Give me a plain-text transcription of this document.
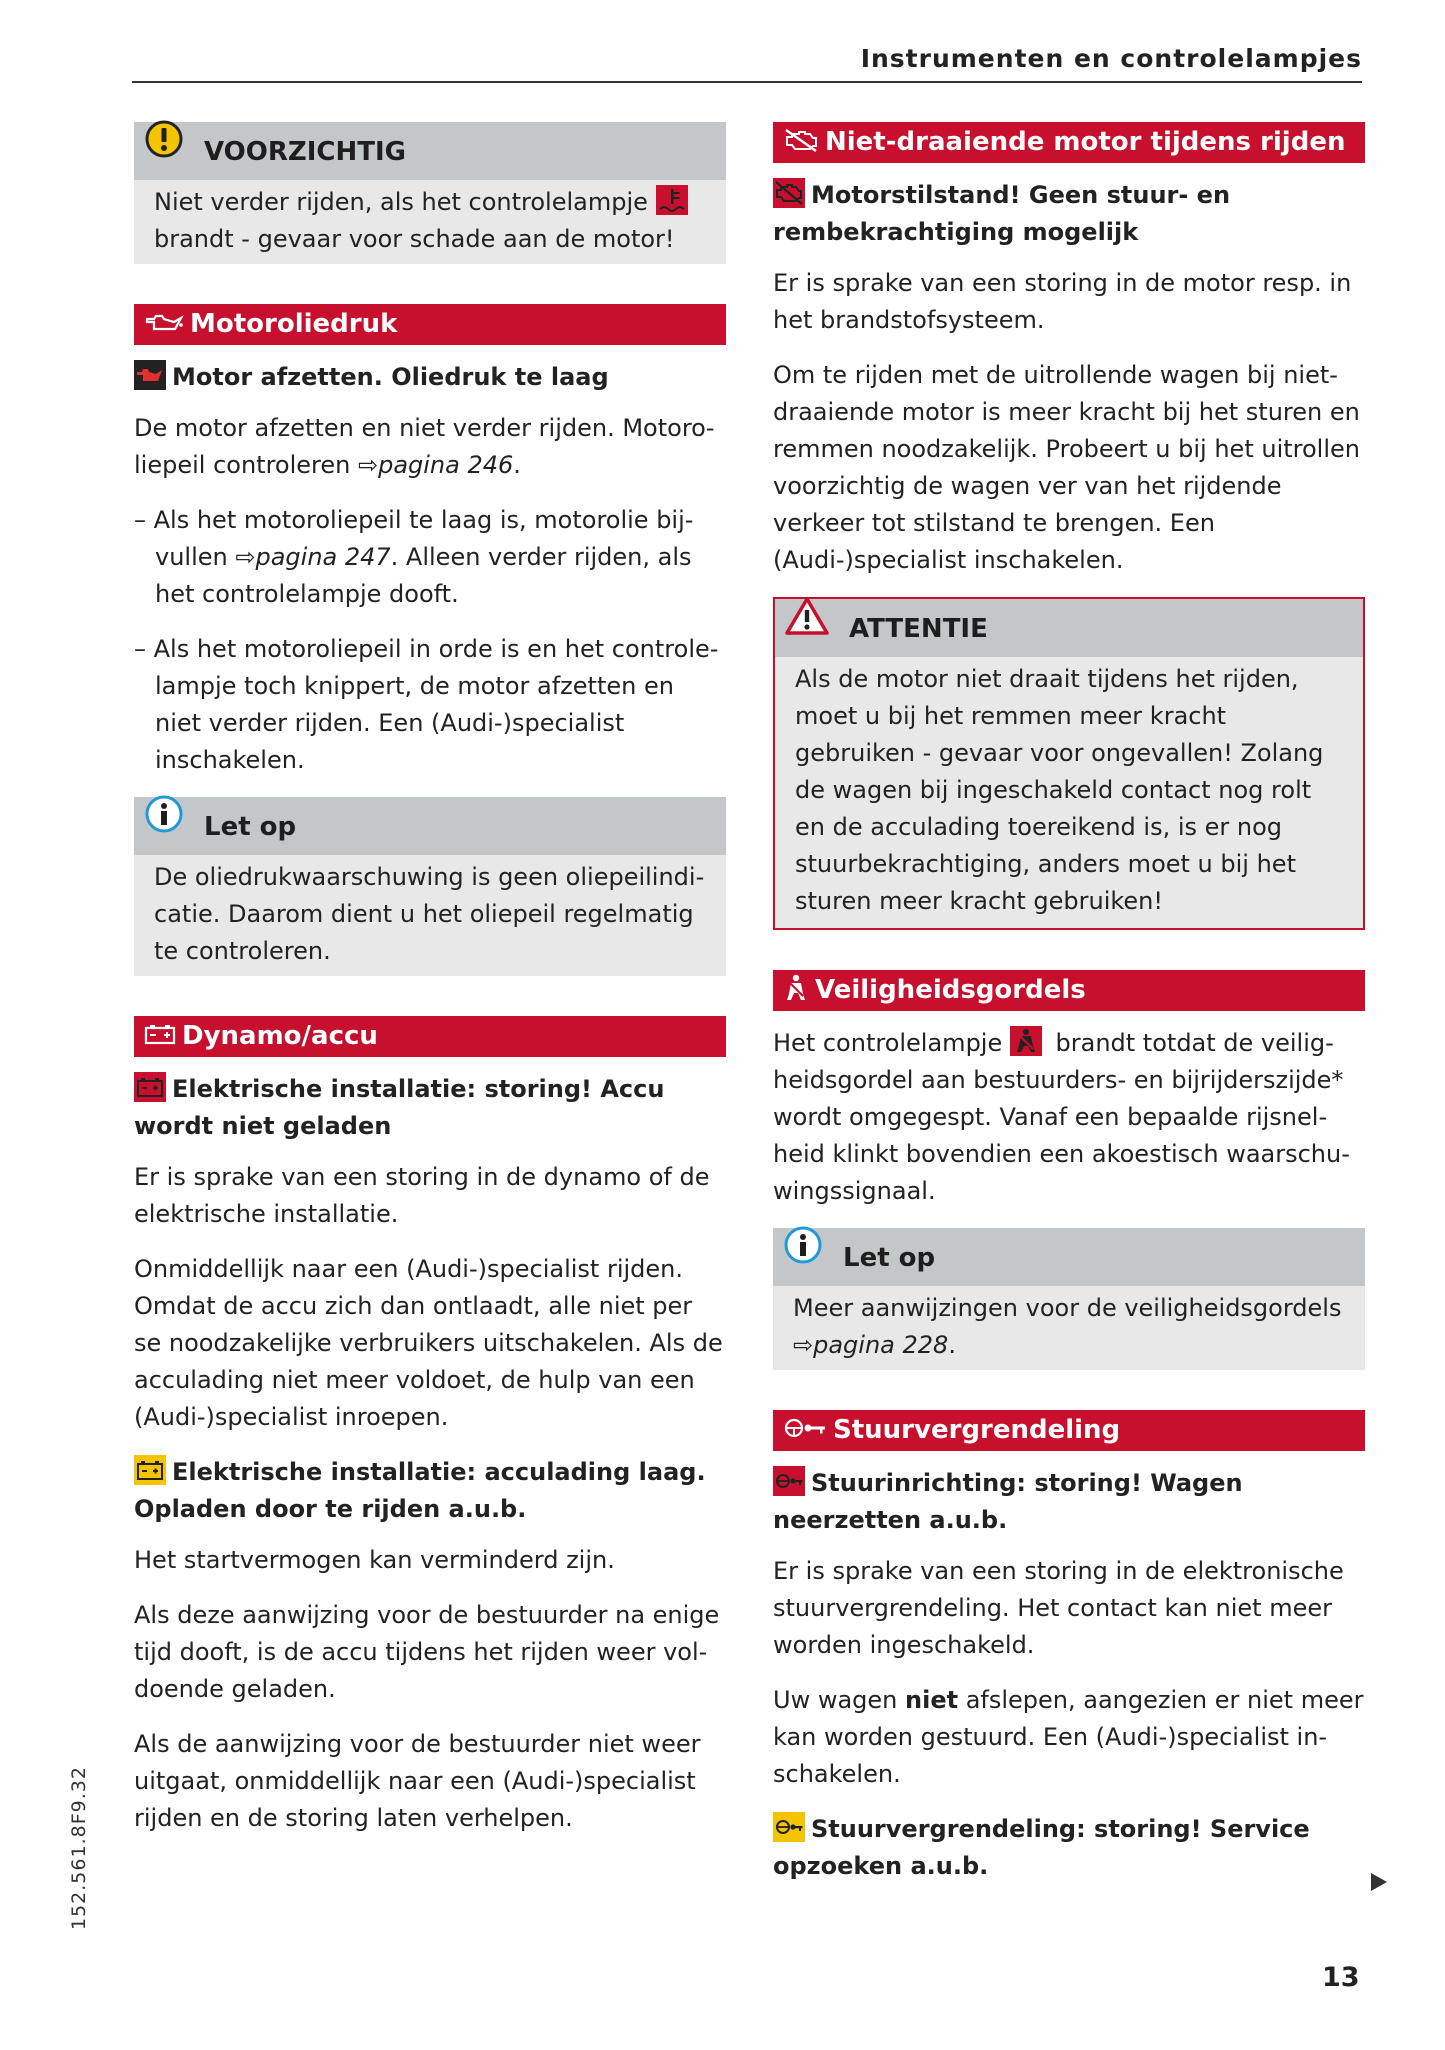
Instrumenten en controlelampjes
VOORZICHTIG

Niet verder rijden, als het controlelampje

brandt - gevaar voor schade aan de motor!

Motoroliedruk
Motor afzetten. Oliedruk te laag

De motor afzetten en niet verder rijden. Motoroliepeil controleren ⇨pagina 246.

– Als het motoroliepeil te laag is, motorolie bijvullen ⇨pagina 247. Alleen verder rijden, als het controlelampje dooft.

– Als het motoroliepeil in orde is en het controlelampje toch knippert, de motor afzetten en niet verder rijden. Een (Audi-)specialist inschakelen.

Let op

De oliedrukwaarschuwing is geen oliepeilindicatie. Daarom dient u het oliepeil regelmatig te controleren.

Dynamo/accu
Elektrische installatie: storing! Accu wordt niet geladen

Er is sprake van een storing in de dynamo of de elektrische installatie.

Onmiddellijk naar een (Audi-)specialist rijden. Omdat de accu zich dan ontlaadt, alle niet per se noodzakelijke verbruikers uitschakelen. Als de acculading niet meer voldoet, de hulp van een (Audi-)specialist inroepen.

Elektrische installatie: acculading laag. Opladen door te rijden a.u.b.

Het startvermogen kan verminderd zijn.

Als deze aanwijzing voor de bestuurder na enige tijd dooft, is de accu tijdens het rijden weer voldoende geladen.

Als de aanwijzing voor de bestuurder niet weer uitgaat, onmiddellijk naar een (Audi-)specialist rijden en de storing laten verhelpen.

Niet-draaiende motor tijdens rijden
Motorstilstand! Geen stuur- en rembekrachtiging mogelijk

Er is sprake van een storing in de motor resp. in het brandstofsysteem.

Om te rijden met de uitrollende wagen bij niet-draaiende motor is meer kracht bij het sturen en remmen noodzakelijk. Probeert u bij het uitrollen voorzichtig de wagen ver van het rijdende verkeer tot stilstand te brengen. Een (Audi-)specialist inschakelen.

ATTENTIE

Als de motor niet draait tijdens het rijden, moet u bij het remmen meer kracht gebruiken - gevaar voor ongevallen! Zolang de wagen bij ingeschakeld contact nog rolt en de acculading toereikend is, is er nog stuurbekrachtiging, anders moet u bij het sturen meer kracht gebruiken!

Veiligheidsgordels

Het controlelampje brandt totdat de veiligheidsgordel aan bestuurders- en bijrijderszijde* wordt omgegespt. Vanaf een bepaalde rijsnelheid klinkt bovendien een akoestisch waarschuwingssignaal.

Let op

Meer aanwijzingen voor de veiligheidsgordels
⇨pagina 228.

Stuurvergrendeling
Stuurinrichting: storing! Wagen neerzetten a.u.b.

Er is sprake van een storing in de elektronische stuurvergrendeling. Het contact kan niet meer worden ingeschakeld.

Uw wagen niet afslepen, aangezien er niet meer kan worden gestuurd. Een (Audi-)specialist inschakelen.

Stuurvergrendeling: storing! Service opzoeken a.u.b.
152.561.8F9.32
13
